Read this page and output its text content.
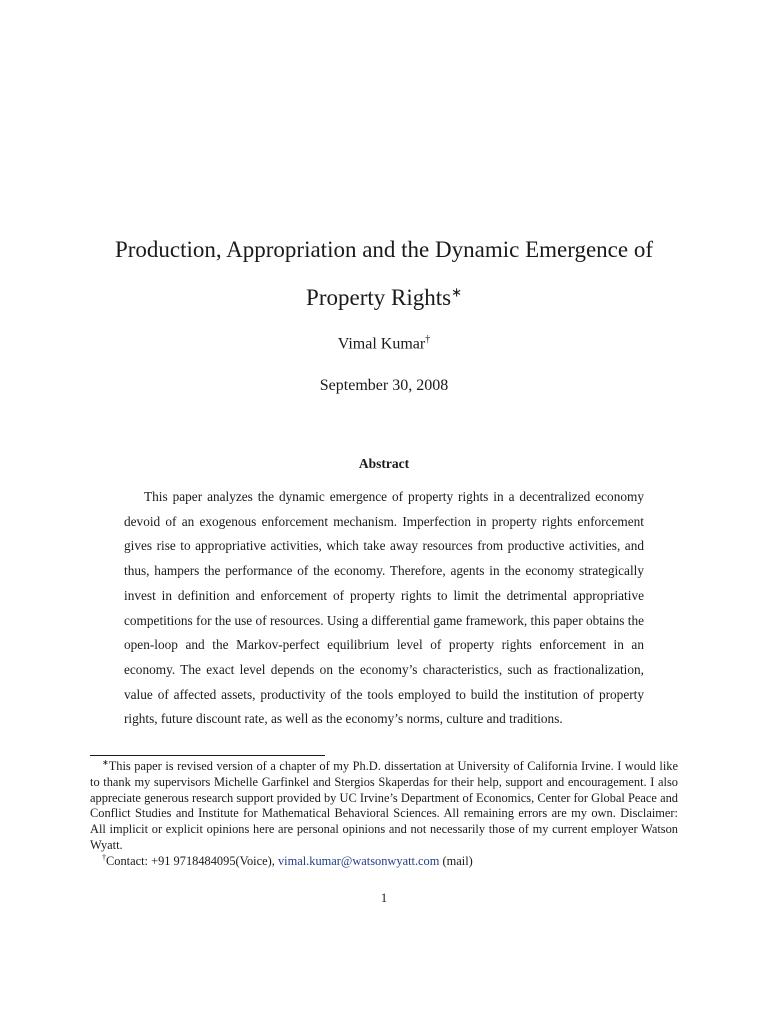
Production, Appropriation and the Dynamic Emergence of
Property Rights∗
Vimal Kumar†
September 30, 2008
Abstract

This paper analyzes the dynamic emergence of property rights in a decentralized economy devoid of an exogenous enforcement mechanism. Imperfection in property rights enforcement gives rise to appropriative activities, which take away resources from productive activities, and thus, hampers the performance of the economy. Therefore, agents in the economy strategically invest in definition and enforcement of property rights to limit the detrimental appropriative competitions for the use of resources. Using a differential game framework, this paper obtains the open-loop and the Markov-perfect equilibrium level of property rights enforcement in an economy. The exact level depends on the economy’s characteristics, such as fractionalization, value of affected assets, productivity of the tools employed to build the institution of property rights, future discount rate, as well as the economy’s norms, culture and traditions.

∗This paper is revised version of a chapter of my Ph.D. dissertation at University of California Irvine. I would like to thank my supervisors Michelle Garfinkel and Stergios Skaperdas for their help, support and encouragement. I also appreciate generous research support provided by UC Irvine’s Department of Economics, Center for Global Peace and Conflict Studies and Institute for Mathematical Behavioral Sciences. All remaining errors are my own. Disclaimer: All implicit or explicit opinions here are personal opinions and not necessarily those of my current employer Watson Wyatt.

†Contact: +91 9718484095(Voice), vimal.kumar@watsonwyatt.com (mail)

1
